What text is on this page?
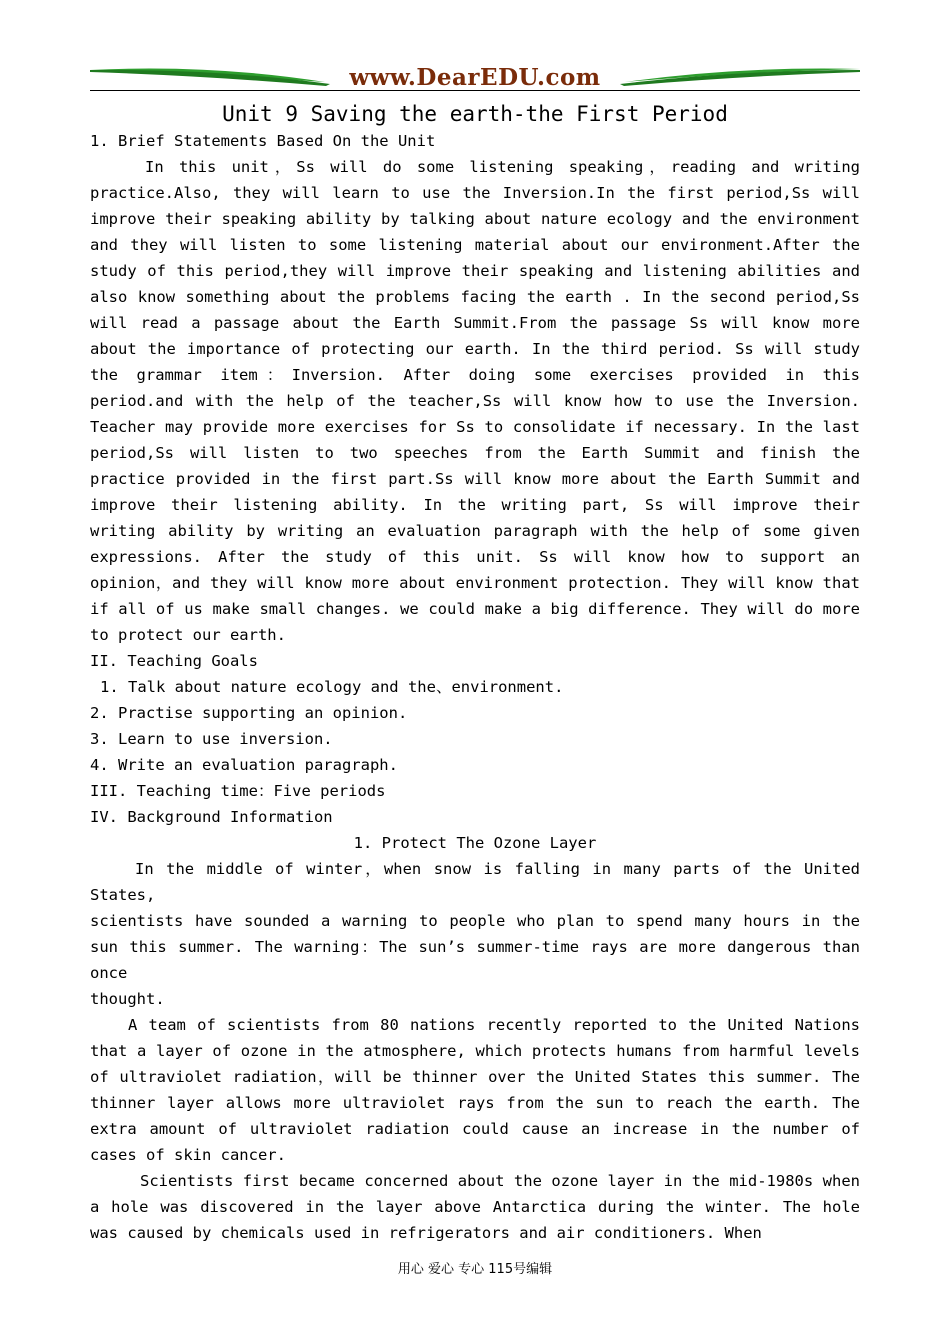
www.DearEDU.com
Unit 9 Saving the earth-the First Period

1. Brief Statements Based On the Unit

In this unit，Ss will do some listening speaking，reading and writing practice.Also, they will learn to use the Inversion.In the first period,Ss will improve their speaking ability by talking about nature ecology and the environment and they will listen to some listening material about our environment.After the study of this period,they will improve their speaking and listening abilities and also know something about the problems facing the earth . In the second period,Ss will read a passage about the Earth Summit.From the passage Ss will know more about the importance of protecting our earth. In the third period. Ss will study the grammar item：Inversion. After doing some exercises provided in this period.and with the help of the teacher,Ss will know how to use the Inversion. Teacher may provide more exercises for Ss to consolidate if necessary. In the last period,Ss will listen to two speeches from the Earth Summit and finish the practice provided in the first part.Ss will know more about the Earth Summit and improve their listening ability. In the writing part, Ss will improve their writing ability by writing an evaluation paragraph with the help of some given expressions. After the study of this unit. Ss will know how to support an opinion，and they will know more about environment protection. They will know that if all of us make small changes. we could make a big difference. They will do more to protect our earth.

II. Teaching Goals

1. Talk about nature ecology and the、environment.

2. Practise supporting an opinion.

3. Learn to use inversion.

4. Write an evaluation paragraph.

III. Teaching time：Five periods

IV. Background Information

1. Protect The Ozone Layer

In the middle of winter，when snow is falling in many parts of the United States,

scientists have sounded a warning to people who plan to spend many hours in the sun this summer. The warning：The sun’s summer-time rays are more dangerous than once

thought.

A team of scientists from 80 nations recently reported to the United Nations that a layer of ozone in the atmosphere, which protects humans from harmful levels of ultraviolet radiation，will be thinner over the United States this summer. The thinner layer allows more ultraviolet rays from the sun to reach the earth. The extra amount of ultraviolet radiation could cause an increase in the number of cases of skin cancer.

Scientists first became concerned about the ozone layer in the mid-1980s when a hole was discovered in the layer above Antarctica during the winter. The hole was caused by chemicals used in refrigerators and air conditioners. When

用心 爱心 专心 115号编辑
